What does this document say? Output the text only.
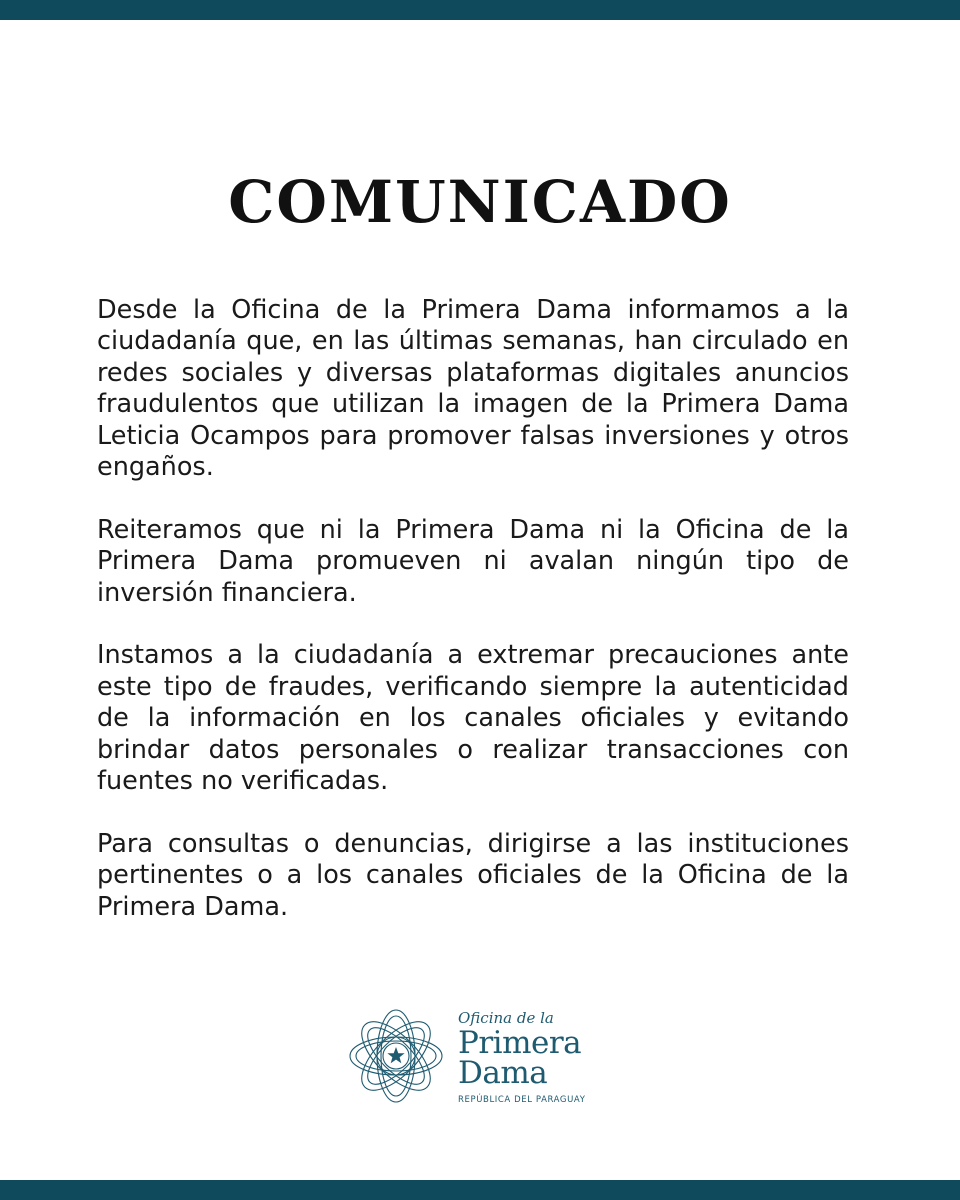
COMUNICADO

Desde la Oficina de la Primera Dama informamos a la ciudadanía que, en las últimas semanas, han circulado en redes sociales y diversas plataformas digitales anuncios fraudulentos que utilizan la imagen de la Primera Dama Leticia Ocampos para promover falsas inversiones y otros engaños.

Reiteramos que ni la Primera Dama ni la Oficina de la Primera Dama promueven ni avalan ningún tipo de inversión financiera.

Instamos a la ciudadanía a extremar precauciones ante este tipo de fraudes, verificando siempre la autenticidad de la información en los canales oficiales y evitando brindar datos personales o realizar transacciones con fuentes no verificadas.

Para consultas o denuncias, dirigirse a las instituciones pertinentes o a los canales oficiales de la Oficina de la Primera Dama.

Oficina de la
Primera
Dama
REPÚBLICA DEL PARAGUAY
